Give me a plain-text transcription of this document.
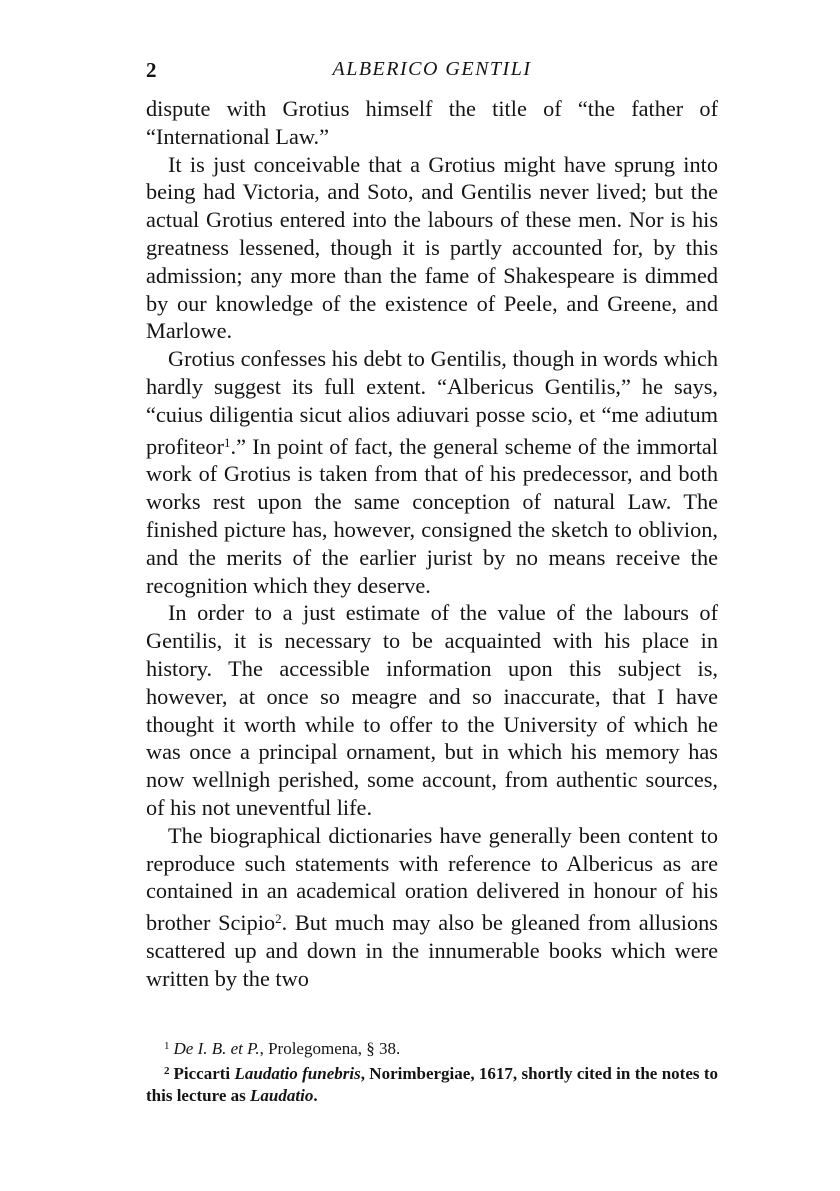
2	ALBERICO GENTILI

dispute with Grotius himself the title of “the father of “International Law.”

It is just conceivable that a Grotius might have sprung into being had Victoria, and Soto, and Gentilis never lived; but the actual Grotius entered into the labours of these men. Nor is his greatness lessened, though it is partly accounted for, by this admission; any more than the fame of Shakespeare is dimmed by our knowledge of the existence of Peele, and Greene, and Marlowe.

Grotius confesses his debt to Gentilis, though in words which hardly suggest its full extent. “Albericus Gentilis,” he says, “cuius diligentia sicut alios adiuvari posse scio, et “me adiutum profiteor$^1$.” In point of fact, the general scheme of the immortal work of Grotius is taken from that of his predecessor, and both works rest upon the same conception of natural Law. The finished picture has, however, consigned the sketch to oblivion, and the merits of the earlier jurist by no means receive the recognition which they deserve.

In order to a just estimate of the value of the labours of Gentilis, it is necessary to be acquainted with his place in history. The accessible information upon this subject is, however, at once so meagre and so inaccurate, that I have thought it worth while to offer to the University of which he was once a principal ornament, but in which his memory has now wellnigh perished, some account, from authentic sources, of his not uneventful life.

The biographical dictionaries have generally been content to reproduce such statements with reference to Albericus as are contained in an academical oration delivered in honour of his brother Scipio$^2$. But much may also be gleaned from allusions scattered up and down in the innumerable books which were written by the two

$^1$ De I. B. et P., Prolegomena, § 38.

$^2$ Piccarti Laudatio funebris, Norimbergiae, 1617, shortly cited in the notes to this lecture as Laudatio.
